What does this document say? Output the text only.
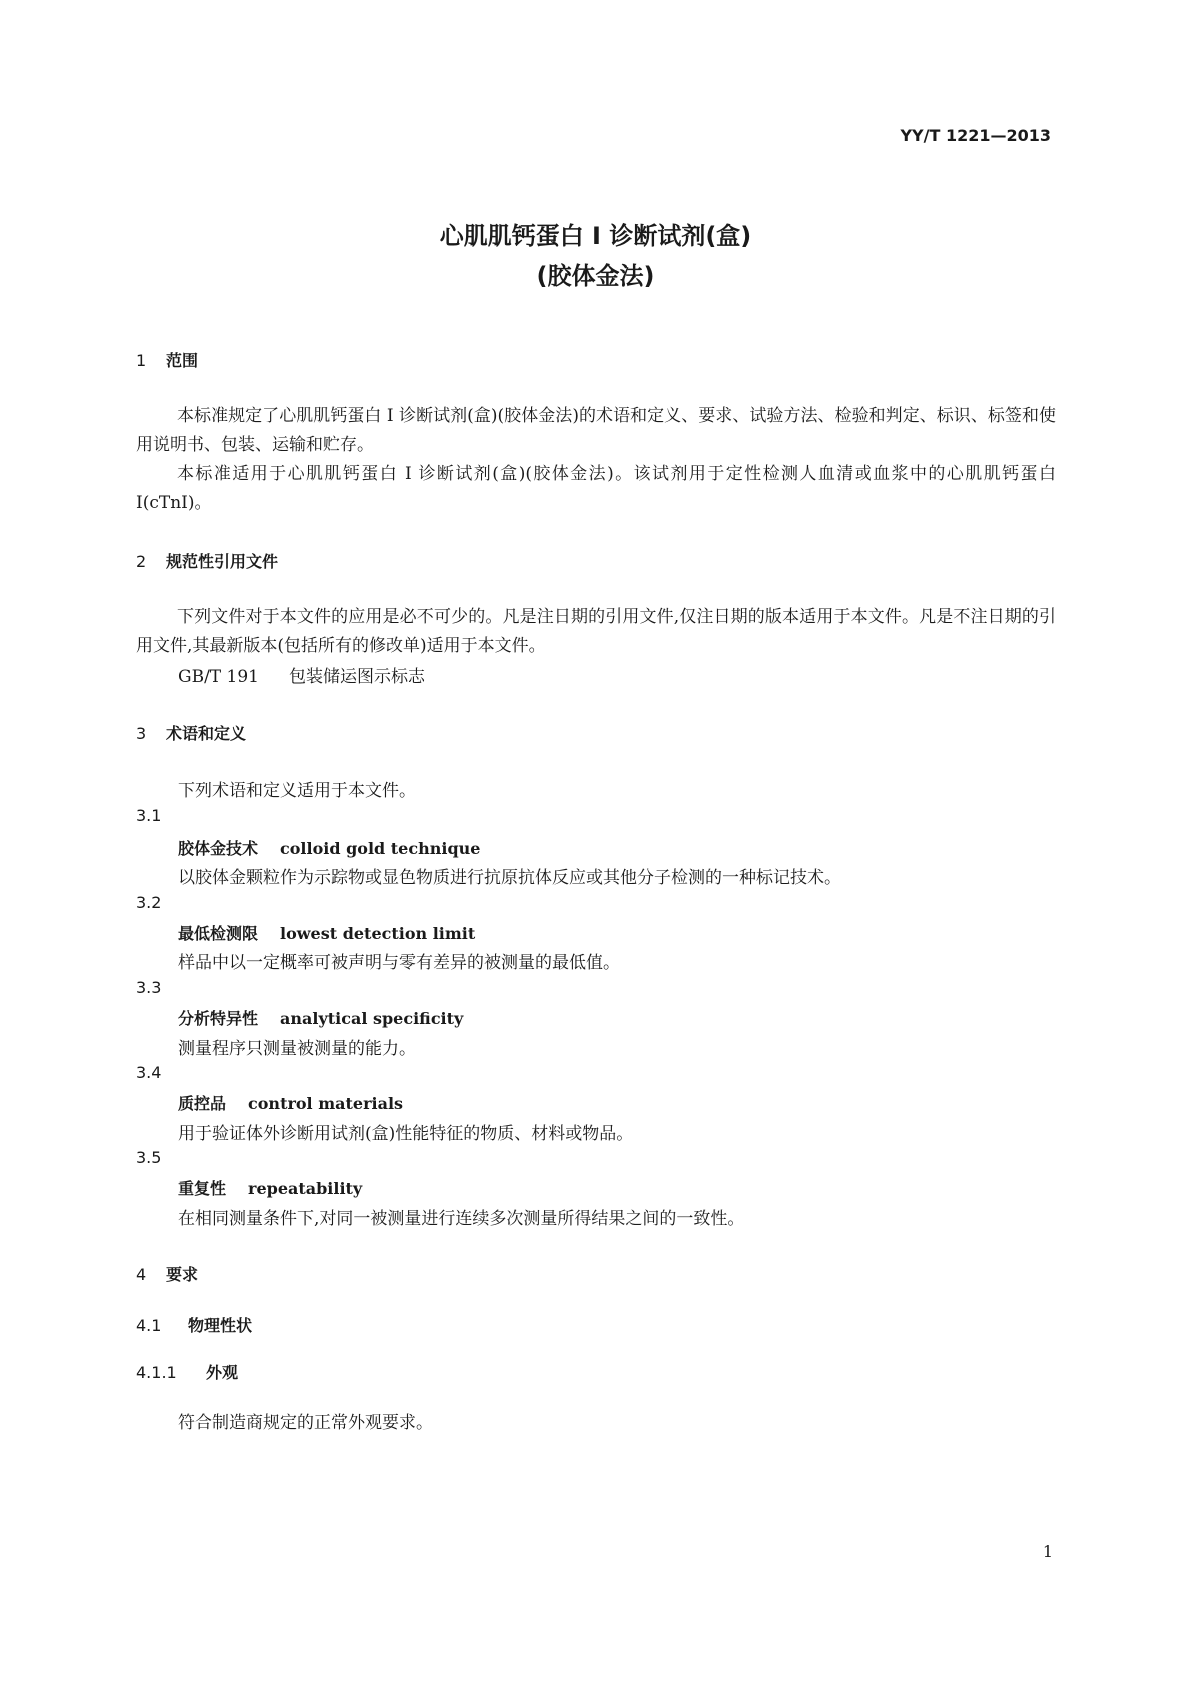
YY/T 1221—2013
心肌肌钙蛋白 I 诊断试剂(盒)
(胶体金法)
1 范围
本标准规定了心肌肌钙蛋白 I 诊断试剂(盒)(胶体金法)的术语和定义、要求、试验方法、检验和判定、标识、标签和使用说明书、包装、运输和贮存。
本标准适用于心肌肌钙蛋白 I 诊断试剂(盒)(胶体金法)。该试剂用于定性检测人血清或血浆中的心肌肌钙蛋白 I(cTnI)。
2 规范性引用文件
下列文件对于本文件的应用是必不可少的。凡是注日期的引用文件,仅注日期的版本适用于本文件。凡是不注日期的引用文件,其最新版本(包括所有的修改单)适用于本文件。
GB/T 191 包装储运图示标志
3 术语和定义
下列术语和定义适用于本文件。
3.1
胶体金技术 colloid gold technique
以胶体金颗粒作为示踪物或显色物质进行抗原抗体反应或其他分子检测的一种标记技术。
3.2
最低检测限 lowest detection limit
样品中以一定概率可被声明与零有差异的被测量的最低值。
3.3
分析特异性 analytical specificity
测量程序只测量被测量的能力。
3.4
质控品 control materials
用于验证体外诊断用试剂(盒)性能特征的物质、材料或物品。
3.5
重复性 repeatability
在相同测量条件下,对同一被测量进行连续多次测量所得结果之间的一致性。
4 要求
4.1 物理性状
4.1.1 外观
符合制造商规定的正常外观要求。
1
